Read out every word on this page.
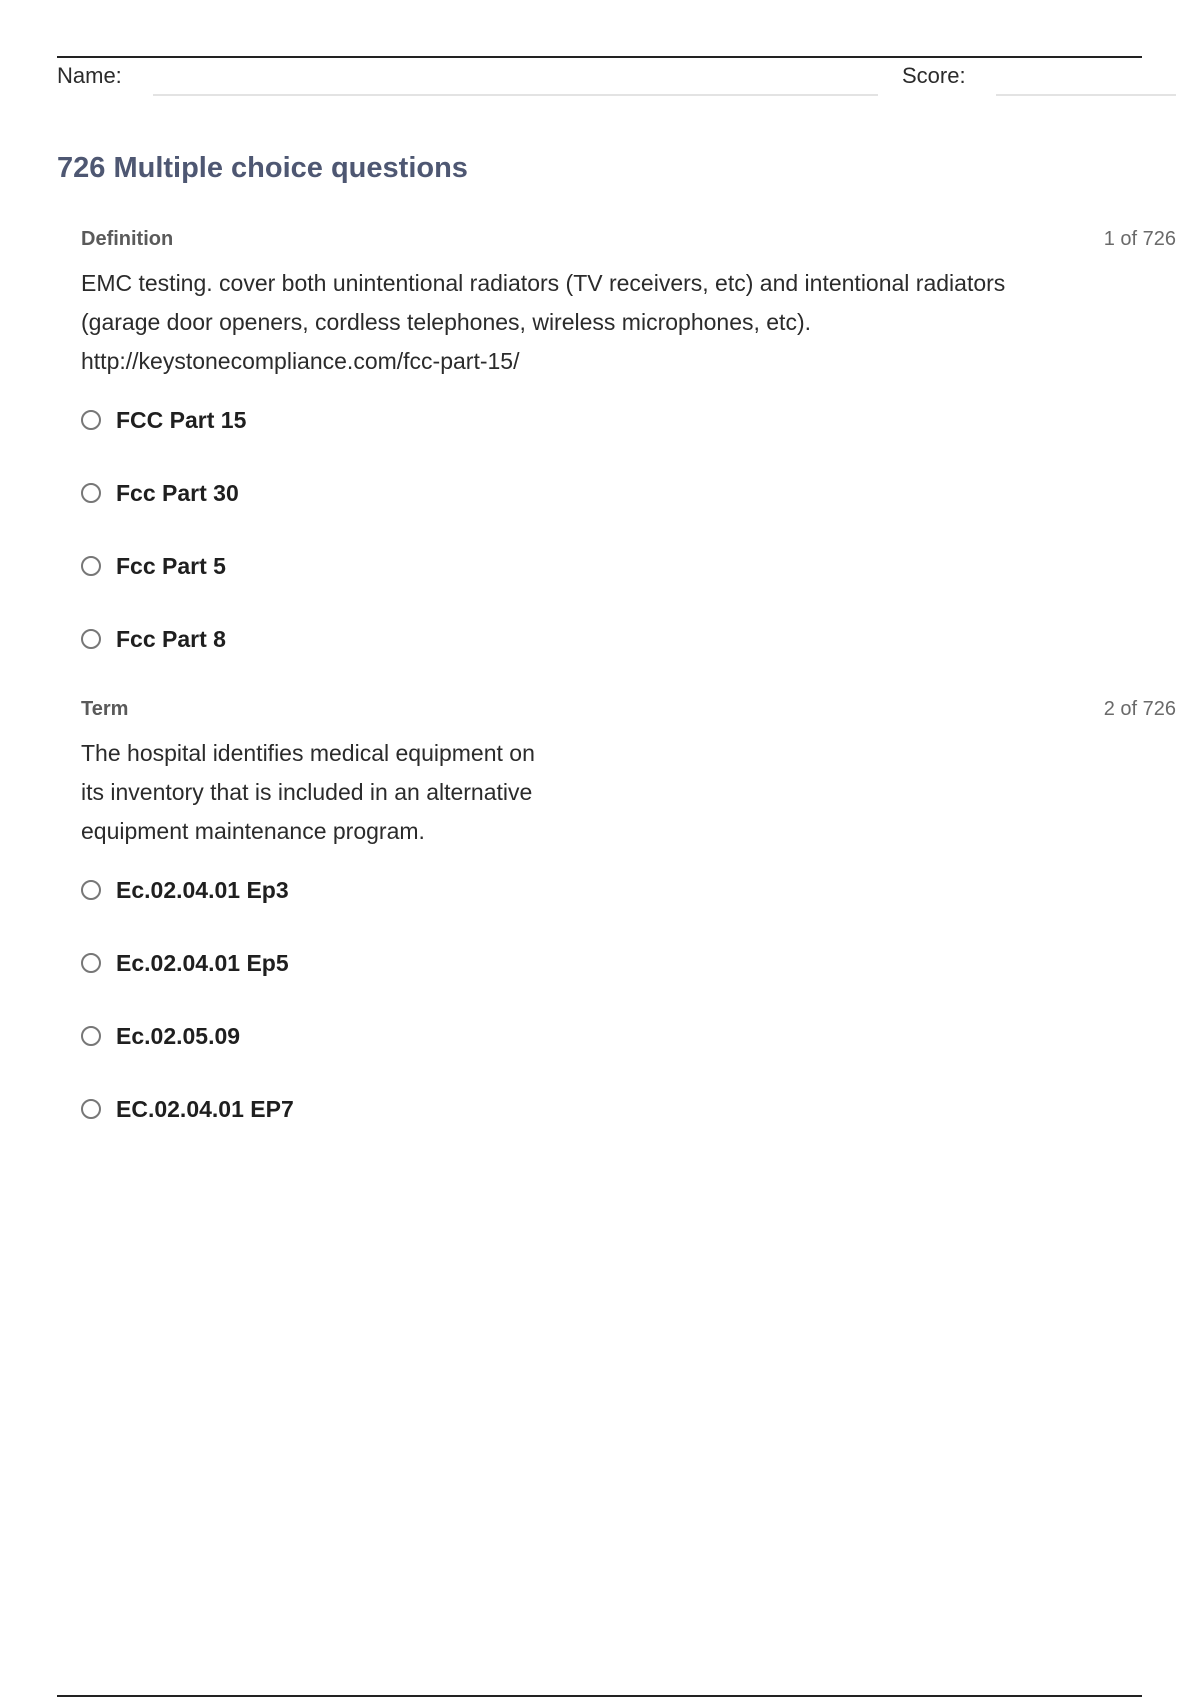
Name:	Score:
726 Multiple choice questions
Definition	1 of 726

EMC testing. cover both unintentional radiators (TV receivers, etc) and intentional radiators
(garage door openers, cordless telephones, wireless microphones, etc).
http://keystonecompliance.com/fcc-part-15/

FCC Part 15
Fcc Part 30
Fcc Part 5
Fcc Part 8
Term	2 of 726

The hospital identifies medical equipment on
its inventory that is included in an alternative
equipment maintenance program.

Ec.02.04.01 Ep3
Ec.02.04.01 Ep5
Ec.02.05.09
EC.02.04.01 EP7
